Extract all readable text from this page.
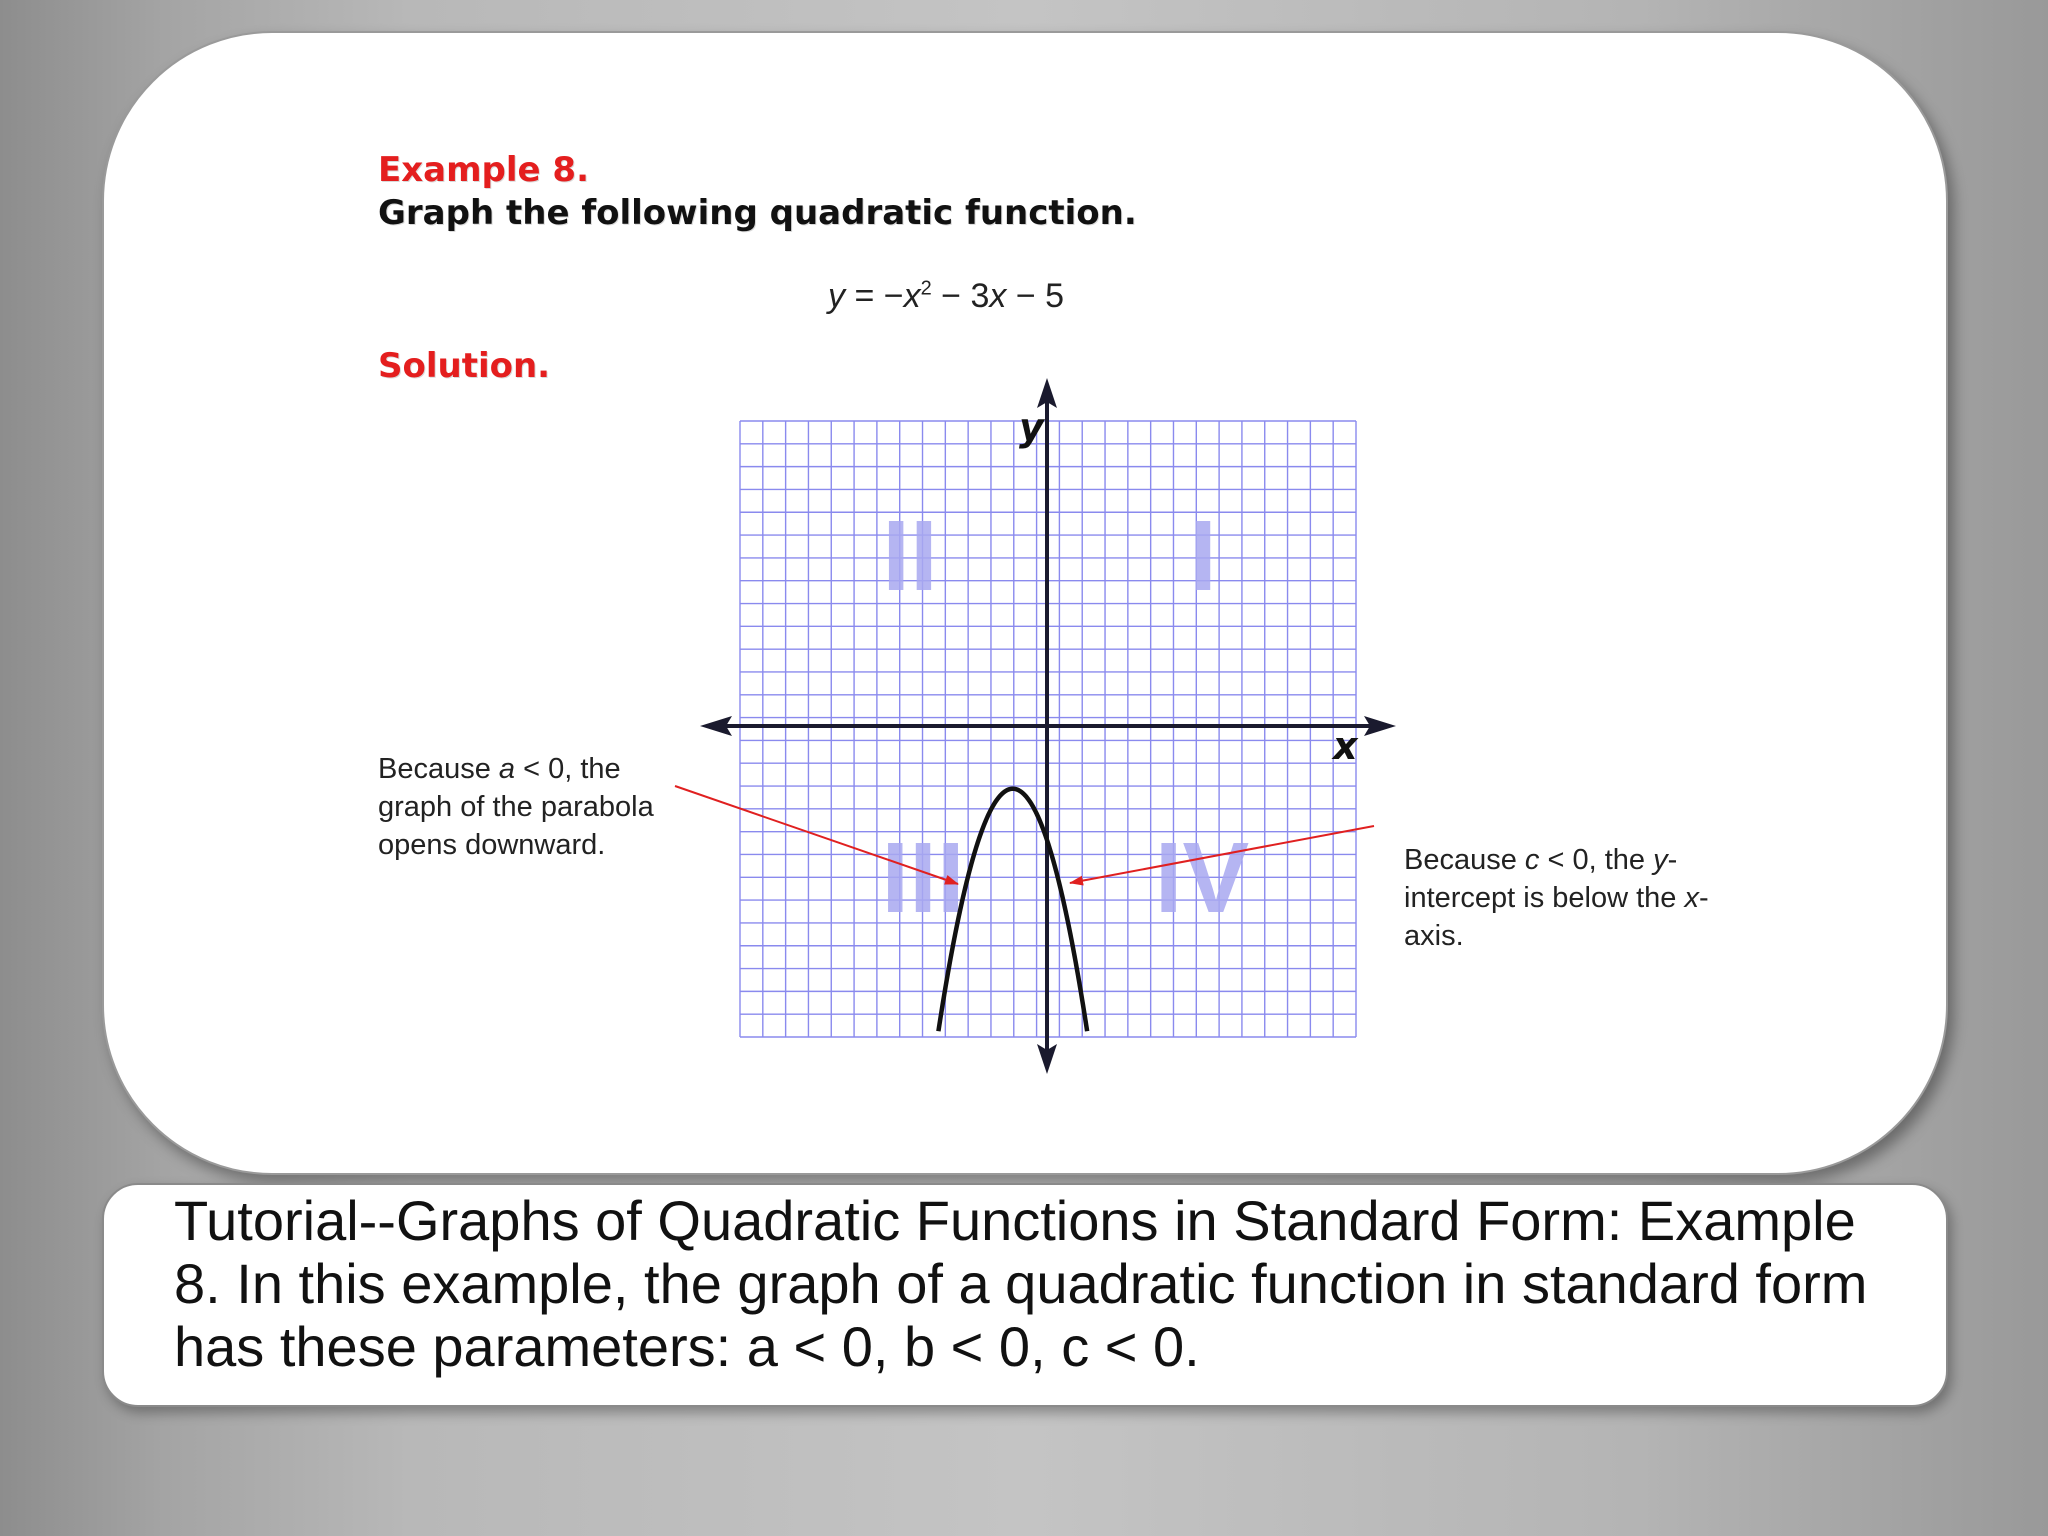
Example 8.
Graph the following quadratic function.
$y = -x^2 - 3x - 5$
Solution.
I
II
III IV
y
x
Because a < 0, the graph of the parabola opens downward.	Because c < 0, the y-intercept is below the x-axis.
Tutorial--Graphs of Quadratic Functions in Standard Form: Example 8. In this example, the graph of a quadratic function in standard form has these parameters: a < 0, b < 0, c < 0.
